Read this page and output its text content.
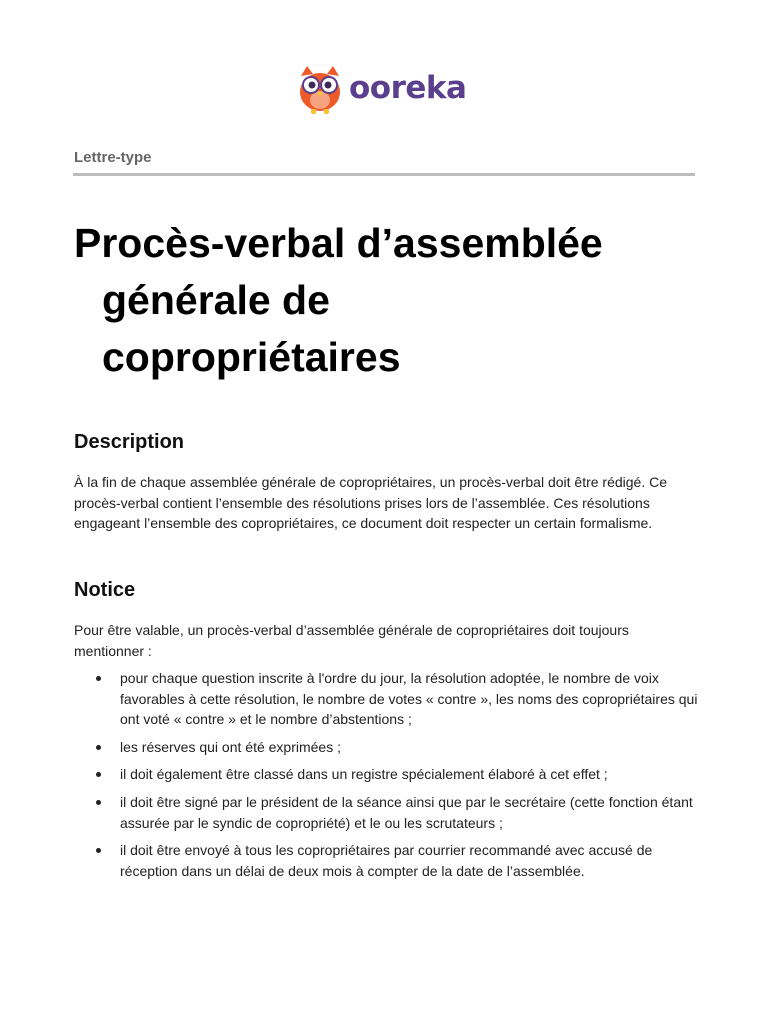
ooreka
Lettre-type
Procès-verbal d’assemblée
générale de
copropriétaires
Description

À la fin de chaque assemblée générale de copropriétaires, un procès-verbal doit être rédigé. Ce procès-verbal contient l’ensemble des résolutions prises lors de l’assemblée. Ces résolutions engageant l’ensemble des copropriétaires, ce document doit respecter un certain formalisme.

Notice

Pour être valable, un procès-verbal d’assemblée générale de copropriétaires doit toujours mentionner :

pour chaque question inscrite à l'ordre du jour, la résolution adoptée, le nombre de voix favorables à cette résolution, le nombre de votes « contre », les noms des copropriétaires qui ont voté « contre » et le nombre d’abstentions ;
les réserves qui ont été exprimées ;
il doit également être classé dans un registre spécialement élaboré à cet effet ;
il doit être signé par le président de la séance ainsi que par le secrétaire (cette fonction étant assurée par le syndic de copropriété) et le ou les scrutateurs ;
il doit être envoyé à tous les copropriétaires par courrier recommandé avec accusé de réception dans un délai de deux mois à compter de la date de l’assemblée.
